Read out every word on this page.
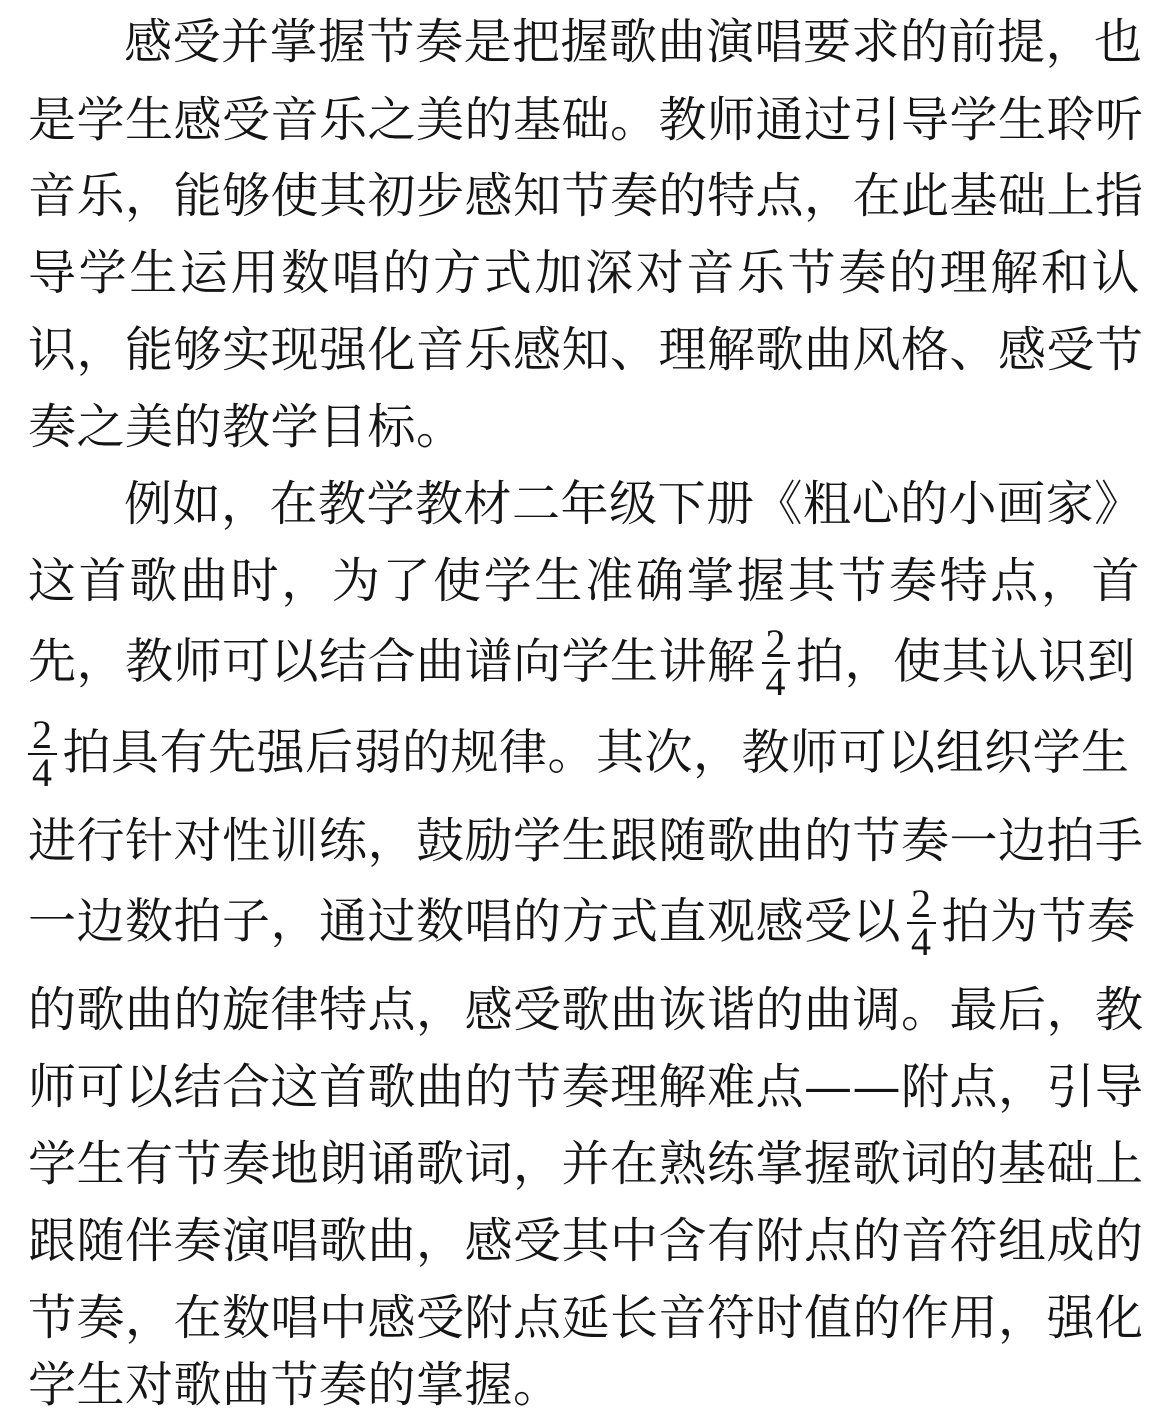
感受并掌握节奏是把握歌曲演唱要求的前提，也
是学生感受音乐之美的基础。教师通过引导学生聆听
音乐，能够使其初步感知节奏的特点，在此基础上指
导学生运用数唱的方式加深对音乐节奏的理解和认
识，能够实现强化音乐感知、理解歌曲风格、感受节
奏之美的教学目标。
例如，在教学教材二年级下册《粗心的小画家》
这首歌曲时，为了使学生准确掌握其节奏特点，首
先，教师可以结合曲谱向学生讲解 $\frac{2}{4}$ 拍，使其认识到
$\frac{2}{4}$ 拍具有先强后弱的规律。其次，教师可以组织学生
进行针对性训练，鼓励学生跟随歌曲的节奏一边拍手
一边数拍子，通过数唱的方式直观感受以 $\frac{2}{4}$ 拍为节奏
的歌曲的旋律特点，感受歌曲诙谐的曲调。最后，教
师可以结合这首歌曲的节奏理解难点——附点，引导
学生有节奏地朗诵歌词，并在熟练掌握歌词的基础上
跟随伴奏演唱歌曲，感受其中含有附点的音符组成的
节奏，在数唱中感受附点延长音符时值的作用，强化
学生对歌曲节奏的掌握。
